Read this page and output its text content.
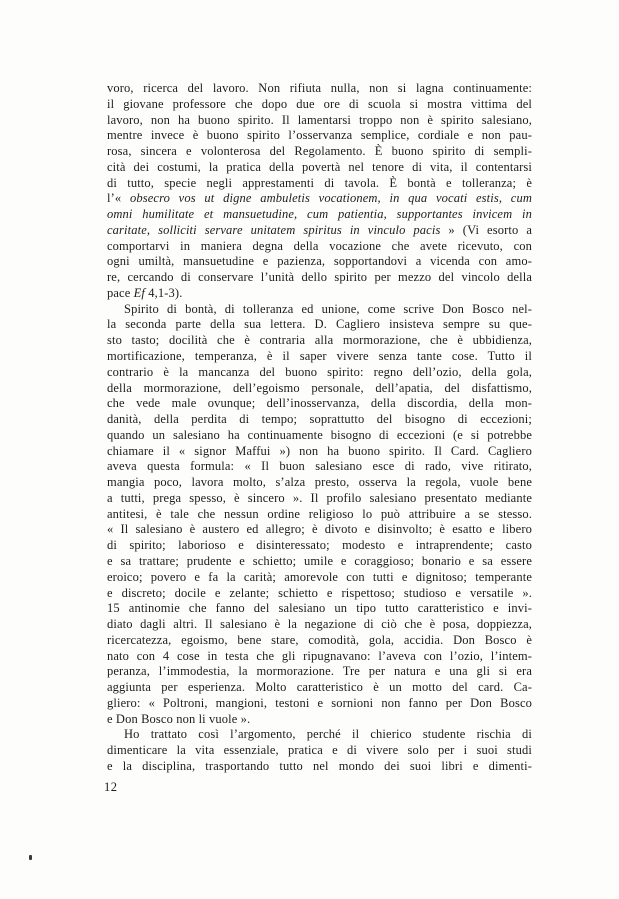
voro, ricerca del lavoro. Non rifiuta nulla, non si lagna continuamente:
il giovane professore che dopo due ore di scuola si mostra vittima del
lavoro, non ha buono spirito. Il lamentarsi troppo non è spirito salesiano,
mentre invece è buono spirito l’osservanza semplice, cordiale e non pau-
rosa, sincera e volonterosa del Regolamento. È buono spirito di sempli-
cità dei costumi, la pratica della povertà nel tenore di vita, il contentarsi
di tutto, specie negli apprestamenti di tavola. È bontà e tolleranza; è
l’« obsecro vos ut digne ambuletis vocationem, in qua vocati estis, cum
omni humilitate et mansuetudine, cum patientia, supportantes invicem in
caritate, solliciti servare unitatem spiritus in vinculo pacis » (Vi esorto a
comportarvi in maniera degna della vocazione che avete ricevuto, con
ogni umiltà, mansuetudine e pazienza, sopportandovi a vicenda con amo-
re, cercando di conservare l’unità dello spirito per mezzo del vincolo della
pace Ef 4,1-3).
Spirito di bontà, di tolleranza ed unione, come scrive Don Bosco nel-
la seconda parte della sua lettera. D. Cagliero insisteva sempre su que-
sto tasto; docilità che è contraria alla mormorazione, che è ubbidienza,
mortificazione, temperanza, è il saper vivere senza tante cose. Tutto il
contrario è la mancanza del buono spirito: regno dell’ozio, della gola,
della mormorazione, dell’egoismo personale, dell’apatia, del disfattismo,
che vede male ovunque; dell’inosservanza, della discordia, della mon-
danità, della perdita di tempo; soprattutto del bisogno di eccezioni;
quando un salesiano ha continuamente bisogno di eccezioni (e si potrebbe
chiamare il « signor Maffui ») non ha buono spirito. Il Card. Cagliero
aveva questa formula: « Il buon salesiano esce di rado, vive ritirato,
mangia poco, lavora molto, s’alza presto, osserva la regola, vuole bene
a tutti, prega spesso, è sincero ». Il profilo salesiano presentato mediante
antitesi, è tale che nessun ordine religioso lo può attribuire a se stesso.
« Il salesiano è austero ed allegro; è divoto e disinvolto; è esatto e libero
di spirito; laborioso e disinteressato; modesto e intraprendente; casto
e sa trattare; prudente e schietto; umile e coraggioso; bonario e sa essere
eroico; povero e fa la carità; amorevole con tutti e dignitoso; temperante
e discreto; docile e zelante; schietto e rispettoso; studioso e versatile ».
15 antinomie che fanno del salesiano un tipo tutto caratteristico e invi-
diato dagli altri. Il salesiano è la negazione di ciò che è posa, doppiezza,
ricercatezza, egoismo, bene stare, comodità, gola, accidia. Don Bosco è
nato con 4 cose in testa che gli ripugnavano: l’aveva con l’ozio, l’intem-
peranza, l’immodestia, la mormorazione. Tre per natura e una gli si era
aggiunta per esperienza. Molto caratteristico è un motto del card. Ca-
gliero: « Poltroni, mangioni, testoni e sornioni non fanno per Don Bosco
e Don Bosco non li vuole ».
Ho trattato così l’argomento, perché il chierico studente rischia di
dimenticare la vita essenziale, pratica e di vivere solo per i suoi studi
e la disciplina, trasportando tutto nel mondo dei suoi libri e dimenti-
12
